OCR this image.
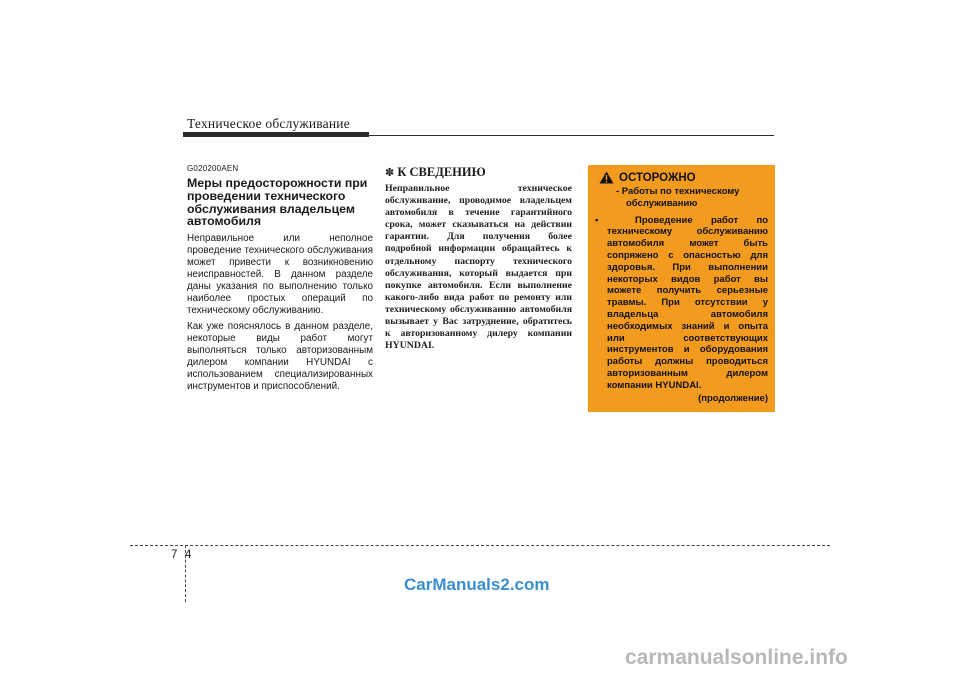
Техническое обслуживание
G020200AEN
Меры предосторожности при проведении технического обслуживания владельцем автомобиля
Неправильное или неполное проведение технического обслуживания может привести к возникновению неисправностей. В данном разделе даны указания по выполнению только наиболее простых операций по техническому обслуживанию.
Как уже пояснялось в данном разделе, некоторые виды работ могут выполняться только авторизованным дилером компании HYUNDAI с использованием специализированных инструментов и приспособлений.
✽ К СВЕДЕНИЮ
Неправильное техническое обслуживание, проводимое владельцем автомобиля в течение гарантийного срока, может сказываться на действии гарантии. Для получения более подробной информации обращайтесь к отдельному паспорту технического обслуживания, который выдается при покупке автомобиля. Если выполнение какого-либо вида работ по ремонту или техническому обслуживанию автомобиля вызывает у Вас затруднение, обратитесь к авторизованному дилеру компании HYUNDAI.
ОСТОРОЖНО
- Работы по техническому обслуживанию
•	Проведение работ по техническому обслуживанию автомобиля может быть сопряжено с опасностью для здоровья. При выполнении некоторых видов работ вы можете получить серьезные травмы. При отсутствии у владельца автомобиля необходимых знаний и опыта или соответствующих инструментов и оборудования работы должны проводиться авторизованным дилером компании HYUNDAI.
(продолжение)
7 4
CarManuals2.com
carmanualsonline.info
